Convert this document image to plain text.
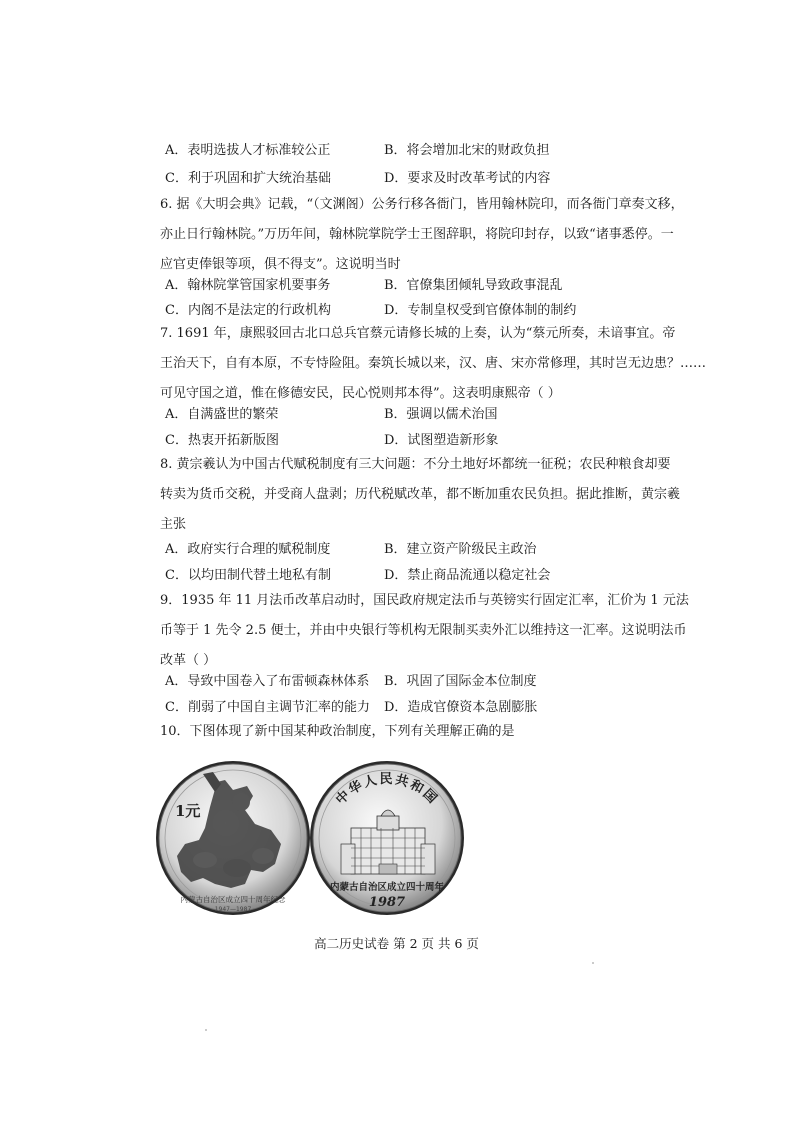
A．表明选拔人才标准较公正	B．将会增加北宋的财政负担
C．利于巩固和扩大统治基础	D．要求及时改革考试的内容
6. 据《大明会典》记载，“（文渊阁）公务行移各衙门，皆用翰林院印，而各衙门章奏文移，
亦止日行翰林院。”万历年间，翰林院掌院学士王图辞职，将院印封存，以致“诸事悉停。一
应官吏俸银等项，俱不得支”。这说明当时
A．翰林院掌管国家机要事务	B．官僚集团倾轧导致政事混乱
C．内阁不是法定的行政机构	D．专制皇权受到官僚体制的制约
7. 1691 年，康熙驳回古北口总兵官蔡元请修长城的上奏，认为“蔡元所奏，未谙事宜。帝
王治天下，自有本原，不专恃险阻。秦筑长城以来，汉、唐、宋亦常修理，其时岂无边患？……
可见守国之道，惟在修德安民，民心悦则邦本得”。这表明康熙帝（ ）
A．自满盛世的繁荣	B．强调以儒术治国
C．热衷开拓新版图	D．试图塑造新形象
8. 黄宗羲认为中国古代赋税制度有三大问题：不分土地好坏都统一征税；农民种粮食却要
转卖为货币交税，并受商人盘剥；历代税赋改革，都不断加重农民负担。据此推断，黄宗羲
主张
A．政府实行合理的赋税制度	B．建立资产阶级民主政治
C．以均田制代替土地私有制	D．禁止商品流通以稳定社会
9．1935 年 11 月法币改革启动时，国民政府规定法币与英镑实行固定汇率，汇价为 1 元法
币等于 1 先令 2.5 便士，并由中央银行等机构无限制买卖外汇以维持这一汇率。这说明法币
改革（ ）
A．导致中国卷入了布雷顿森林体系 B．巩固了国际金本位制度
C．削弱了中国自主调节汇率的能力 D．造成官僚资本急剧膨胀
10．下图体现了新中国某种政治制度，下列有关理解正确的是
1元
内蒙古自治区成立四十周年纪念
1947—1987
中华人民共和国
内蒙古自治区成立四十周年
1987
高二历史试卷 第 2 页 共 6 页
